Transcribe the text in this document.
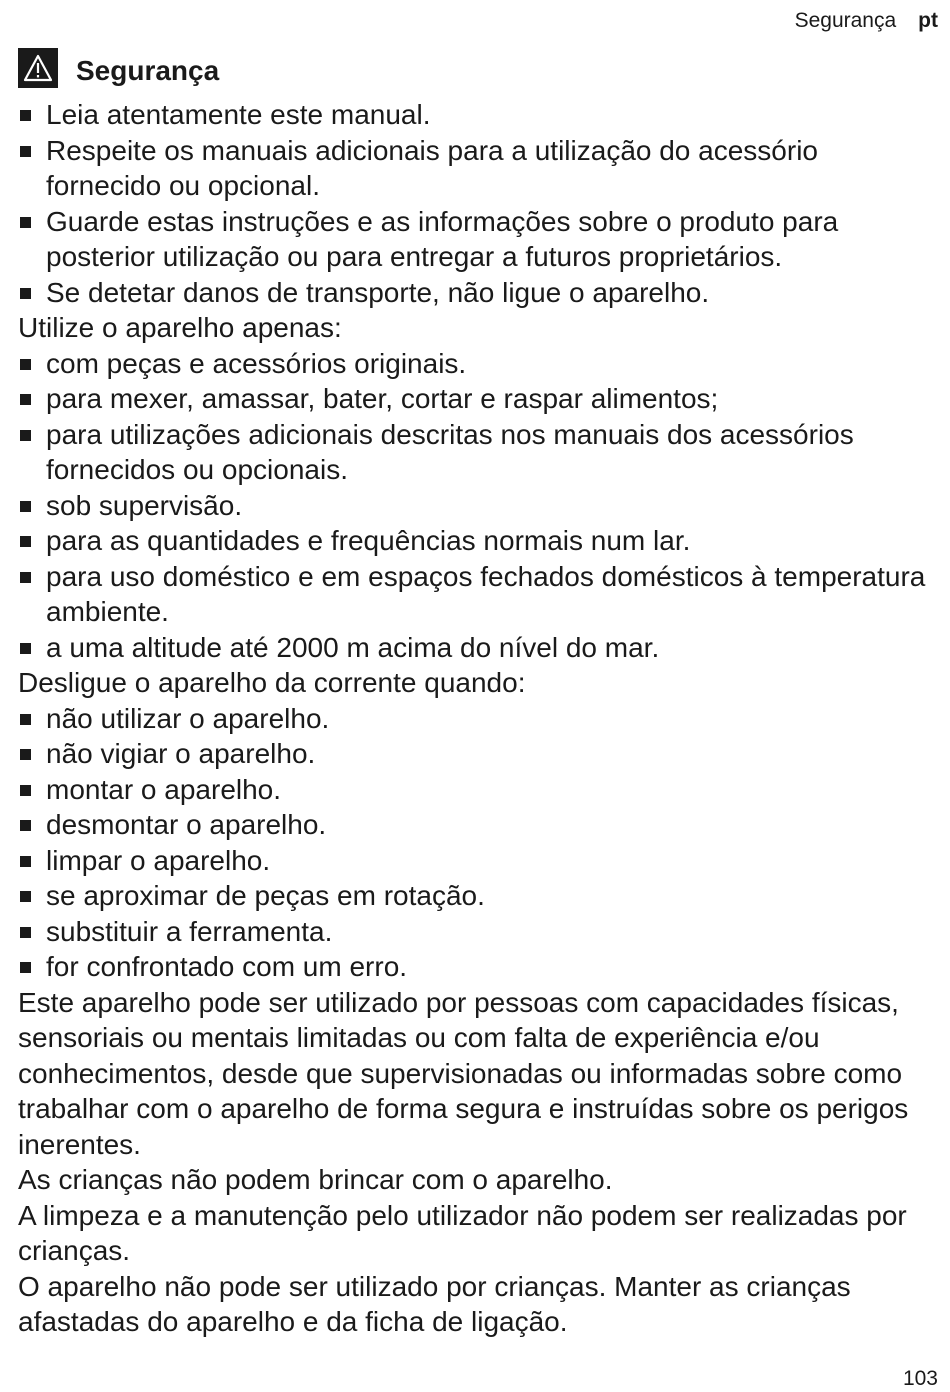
Segurança pt
Segurança
Leia atentamente este manual.
Respeite os manuais adicionais para a utilização do acessório fornecido ou opcional.
Guarde estas instruções e as informações sobre o produto para posterior utilização ou para entregar a futuros proprietários.
Se detetar danos de transporte, não ligue o aparelho.

Utilize o aparelho apenas:

com peças e acessórios originais.
para mexer, amassar, bater, cortar e raspar alimentos;
para utilizações adicionais descritas nos manuais dos acessórios fornecidos ou opcionais.
sob supervisão.
para as quantidades e frequências normais num lar.
para uso doméstico e em espaços fechados domésticos à temperatura ambiente.
a uma altitude até 2000 m acima do nível do mar.

Desligue o aparelho da corrente quando:

não utilizar o aparelho.
não vigiar o aparelho.
montar o aparelho.
desmontar o aparelho.
limpar o aparelho.
se aproximar de peças em rotação.
substituir a ferramenta.
for confrontado com um erro.

Este aparelho pode ser utilizado por pessoas com capacidades físicas, sensoriais ou mentais limitadas ou com falta de experiência e/ou conhecimentos, desde que supervisionadas ou informadas sobre como trabalhar com o aparelho de forma segura e instruídas sobre os perigos inerentes.

As crianças não podem brincar com o aparelho.

A limpeza e a manutenção pelo utilizador não podem ser realizadas por crianças.

O aparelho não pode ser utilizado por crianças. Manter as crianças afastadas do aparelho e da ficha de ligação.

103
